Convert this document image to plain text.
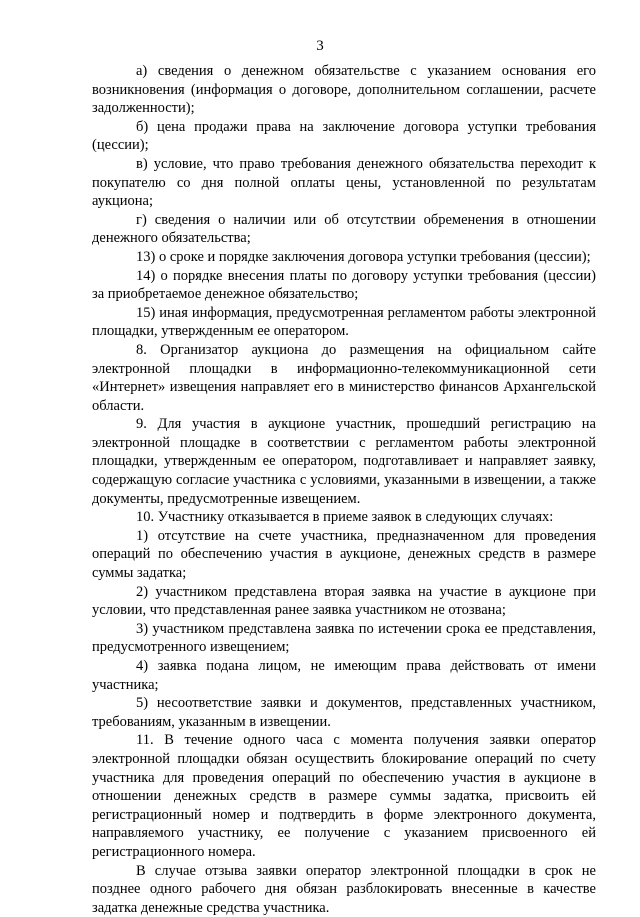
3

а) сведения о денежном обязательстве с указанием основания его возникновения (информация о договоре, дополнительном соглашении, расчете задолженности);

б) цена продажи права на заключение договора уступки требования (цессии);

в) условие, что право требования денежного обязательства переходит к покупателю со дня полной оплаты цены, установленной по результатам аукциона;

г) сведения о наличии или об отсутствии обременения в отношении денежного обязательства;

13) о сроке и порядке заключения договора уступки требования (цессии);

14) о порядке внесения платы по договору уступки требования (цессии) за приобретаемое денежное обязательство;

15) иная информация, предусмотренная регламентом работы электронной площадки, утвержденным ее оператором.

8. Организатор аукциона до размещения на официальном сайте электронной площадки в информационно-телекоммуникационной сети «Интернет» извещения направляет его в министерство финансов Архангельской области.

9. Для участия в аукционе участник, прошедший регистрацию на электронной площадке в соответствии с регламентом работы электронной площадки, утвержденным ее оператором, подготавливает и направляет заявку, содержащую согласие участника с условиями, указанными в извещении, а также документы, предусмотренные извещением.

10. Участнику отказывается в приеме заявок в следующих случаях:

1) отсутствие на счете участника, предназначенном для проведения операций по обеспечению участия в аукционе, денежных средств в размере суммы задатка;

2) участником представлена вторая заявка на участие в аукционе при условии, что представленная ранее заявка участником не отозвана;

3) участником представлена заявка по истечении срока ее представления, предусмотренного извещением;

4) заявка подана лицом, не имеющим права действовать от имени участника;

5) несоответствие заявки и документов, представленных участником, требованиям, указанным в извещении.

11. В течение одного часа с момента получения заявки оператор электронной площадки обязан осуществить блокирование операций по счету участника для проведения операций по обеспечению участия в аукционе в отношении денежных средств в размере суммы задатка, присвоить ей регистрационный номер и подтвердить в форме электронного документа, направляемого участнику, ее получение с указанием присвоенного ей регистрационного номера.

В случае отзыва заявки оператор электронной площадки в срок не позднее одного рабочего дня обязан разблокировать внесенные в качестве задатка денежные средства участника.
